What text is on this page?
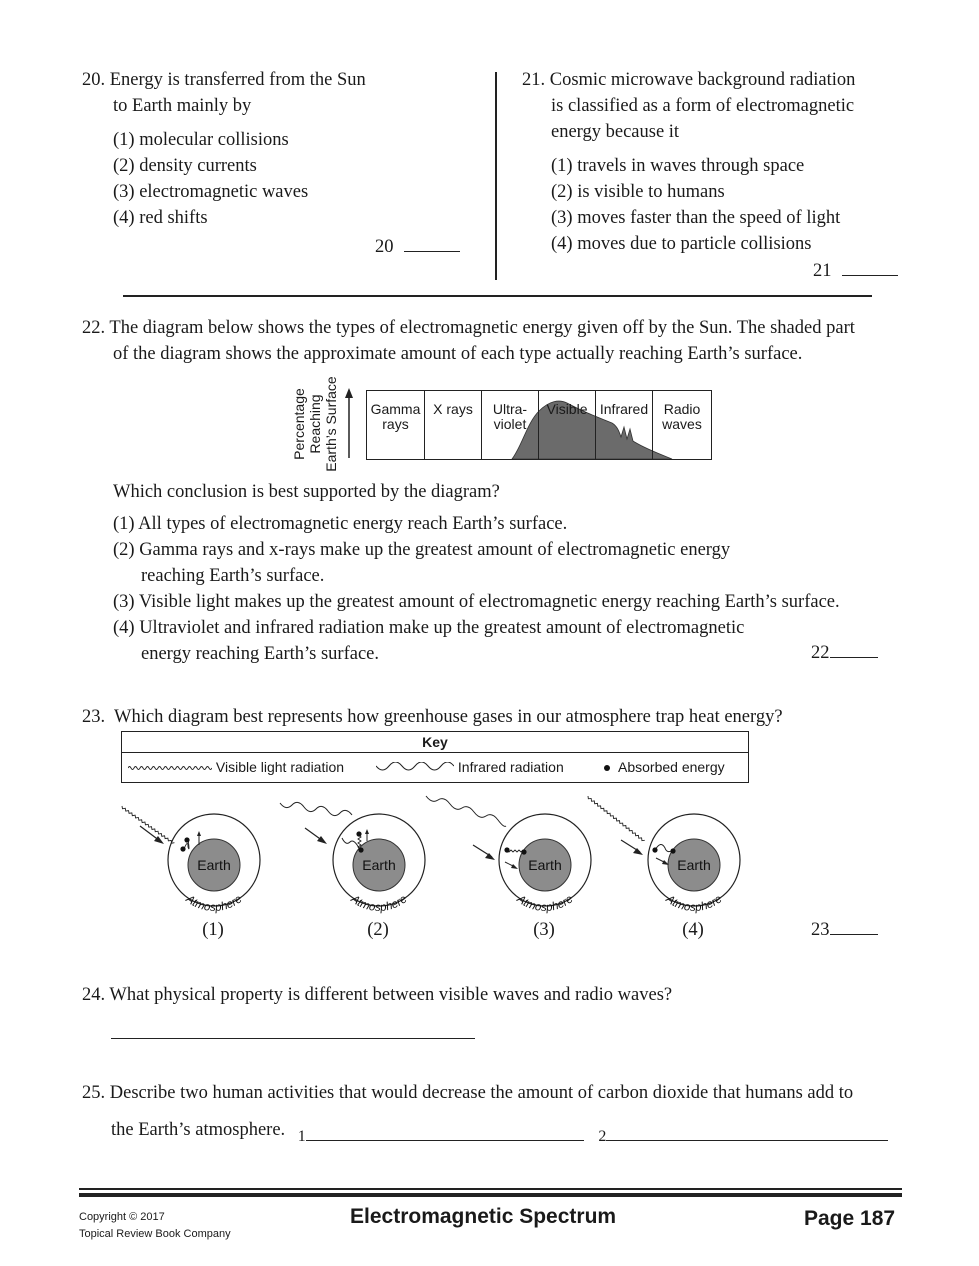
20. Energy is transferred from the Sun
to Earth mainly by
(1) molecular collisions
(2) density currents
(3) electromagnetic waves
(4) red shifts
20
21. Cosmic microwave background radiation
is classified as a form of electromagnetic
energy because it
(1) travels in waves through space
(2) is visible to humans
(3) moves faster than the speed of light
(4) moves due to particle collisions
21
22. The diagram below shows the types of electromagnetic energy given off by the Sun. The shaded part
of the diagram shows the approximate amount of each type actually reaching Earth’s surface.
Percentage Reaching Earth’s Surface Gamma
rays
X rays	Ultra-
violet
Visible Infrared	Radio
waves
Which conclusion is best supported by the diagram?
(1) All types of electromagnetic energy reach Earth’s surface.
(2) Gamma rays and x-rays make up the greatest amount of electromagnetic energy
reaching Earth’s surface.
(3) Visible light makes up the greatest amount of electromagnetic energy reaching Earth’s surface.
(4) Ultraviolet and infrared radiation make up the greatest amount of electromagnetic
energy reaching Earth’s surface.	22
23. Which diagram best represents how greenhouse gases in our atmosphere trap heat energy?
Key
Visible light radiation	Infrared radiation	Absorbed energy
Earth
Atmosphere
Earth
Atmosphere
Earth
Atmosphere
Earth
Atmosphere
(1)	(2)	(3)	(4)	23
24. What physical property is different between visible waves and radio waves?
25. Describe two human activities that would decrease the amount of carbon dioxide that humans add to
the Earth’s atmosphere. 1	2
Copyright © 2017
Topical Review Book Company
Electromagnetic Spectrum	Page 187
